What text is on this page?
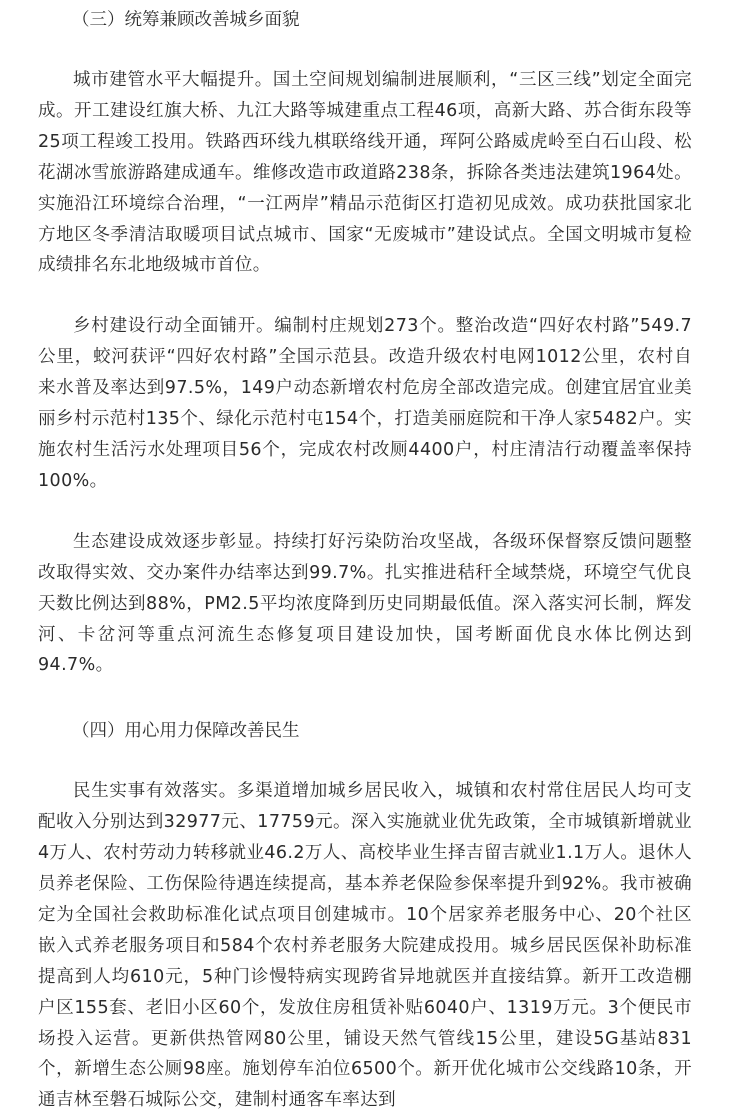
（三）统筹兼顾改善城乡面貌

城市建管水平大幅提升。国土空间规划编制进展顺利，“三区三线”划定全面完成。开工建设红旗大桥、九江大路等城建重点工程46项，高新大路、苏合街东段等25项工程竣工投用。铁路西环线九棋联络线开通，珲阿公路威虎岭至白石山段、松花湖冰雪旅游路建成通车。维修改造市政道路238条，拆除各类违法建筑1964处。实施沿江环境综合治理，“一江两岸”精品示范街区打造初见成效。成功获批国家北方地区冬季清洁取暖项目试点城市、国家“无废城市”建设试点。全国文明城市复检成绩排名东北地级城市首位。

乡村建设行动全面铺开。编制村庄规划273个。整治改造“四好农村路”549.7公里，蛟河获评“四好农村路”全国示范县。改造升级农村电网1012公里，农村自来水普及率达到97.5%，149户动态新增农村危房全部改造完成。创建宜居宜业美丽乡村示范村135个、绿化示范村屯154个，打造美丽庭院和干净人家5482户。实施农村生活污水处理项目56个，完成农村改厕4400户，村庄清洁行动覆盖率保持100%。

生态建设成效逐步彰显。持续打好污染防治攻坚战，各级环保督察反馈问题整改取得实效、交办案件办结率达到99.7%。扎实推进秸秆全域禁烧，环境空气优良天数比例达到88%，PM2.5平均浓度降到历史同期最低值。深入落实河长制，辉发河、卡岔河等重点河流生态修复项目建设加快，国考断面优良水体比例达到94.7%。

（四）用心用力保障改善民生

民生实事有效落实。多渠道增加城乡居民收入，城镇和农村常住居民人均可支配收入分别达到32977元、17759元。深入实施就业优先政策，全市城镇新增就业4万人、农村劳动力转移就业46.2万人、高校毕业生择吉留吉就业1.1万人。退休人员养老保险、工伤保险待遇连续提高，基本养老保险参保率提升到92%。我市被确定为全国社会救助标准化试点项目创建城市。10个居家养老服务中心、20个社区嵌入式养老服务项目和584个农村养老服务大院建成投用。城乡居民医保补助标准提高到人均610元，5种门诊慢特病实现跨省异地就医并直接结算。新开工改造棚户区155套、老旧小区60个，发放住房租赁补贴6040户、1319万元。3个便民市场投入运营。更新供热管网80公里，铺设天然气管线15公里，建设5G基站831个，新增生态公厕98座。施划停车泊位6500个。新开优化城市公交线路10条，开通吉林至磐石城际公交，建制村通客车率达到
